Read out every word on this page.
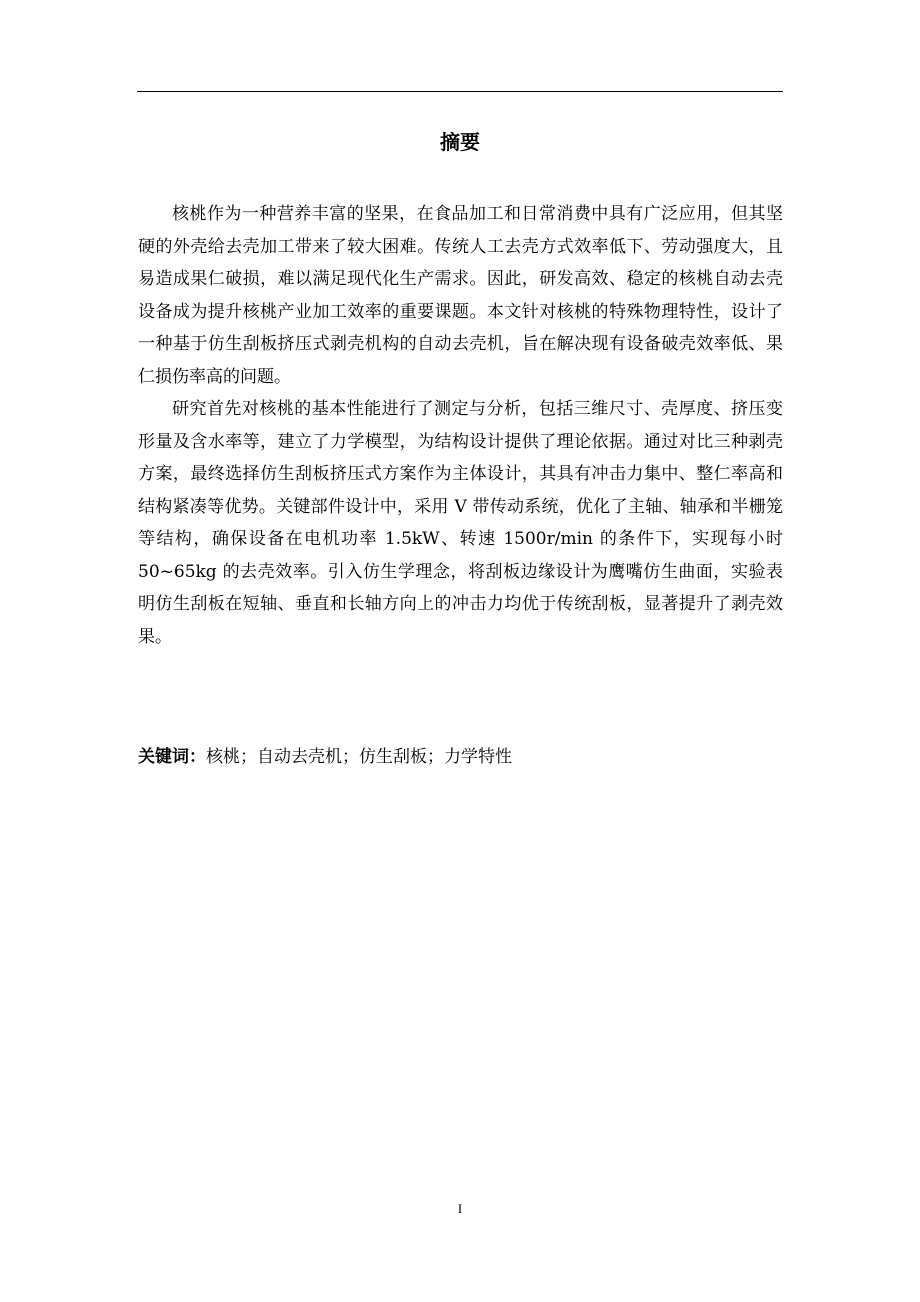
摘要

核桃作为一种营养丰富的坚果，在食品加工和日常消费中具有广泛应用，但其坚硬的外壳给去壳加工带来了较大困难。传统人工去壳方式效率低下、劳动强度大，且易造成果仁破损，难以满足现代化生产需求。因此，研发高效、稳定的核桃自动去壳设备成为提升核桃产业加工效率的重要课题。本文针对核桃的特殊物理特性，设计了一种基于仿生刮板挤压式剥壳机构的自动去壳机，旨在解决现有设备破壳效率低、果仁损伤率高的问题。

研究首先对核桃的基本性能进行了测定与分析，包括三维尺寸、壳厚度、挤压变形量及含水率等，建立了力学模型，为结构设计提供了理论依据。通过对比三种剥壳方案，最终选择仿生刮板挤压式方案作为主体设计，其具有冲击力集中、整仁率高和结构紧凑等优势。关键部件设计中，采用 V 带传动系统，优化了主轴、轴承和半栅笼等结构，确保设备在电机功率 1.5kW、转速 1500r/min 的条件下，实现每小时 50~65kg 的去壳效率。引入仿生学理念，将刮板边缘设计为鹰嘴仿生曲面，实验表明仿生刮板在短轴、垂直和长轴方向上的冲击力均优于传统刮板，显著提升了剥壳效果。

关键词：核桃；自动去壳机；仿生刮板；力学特性
I
